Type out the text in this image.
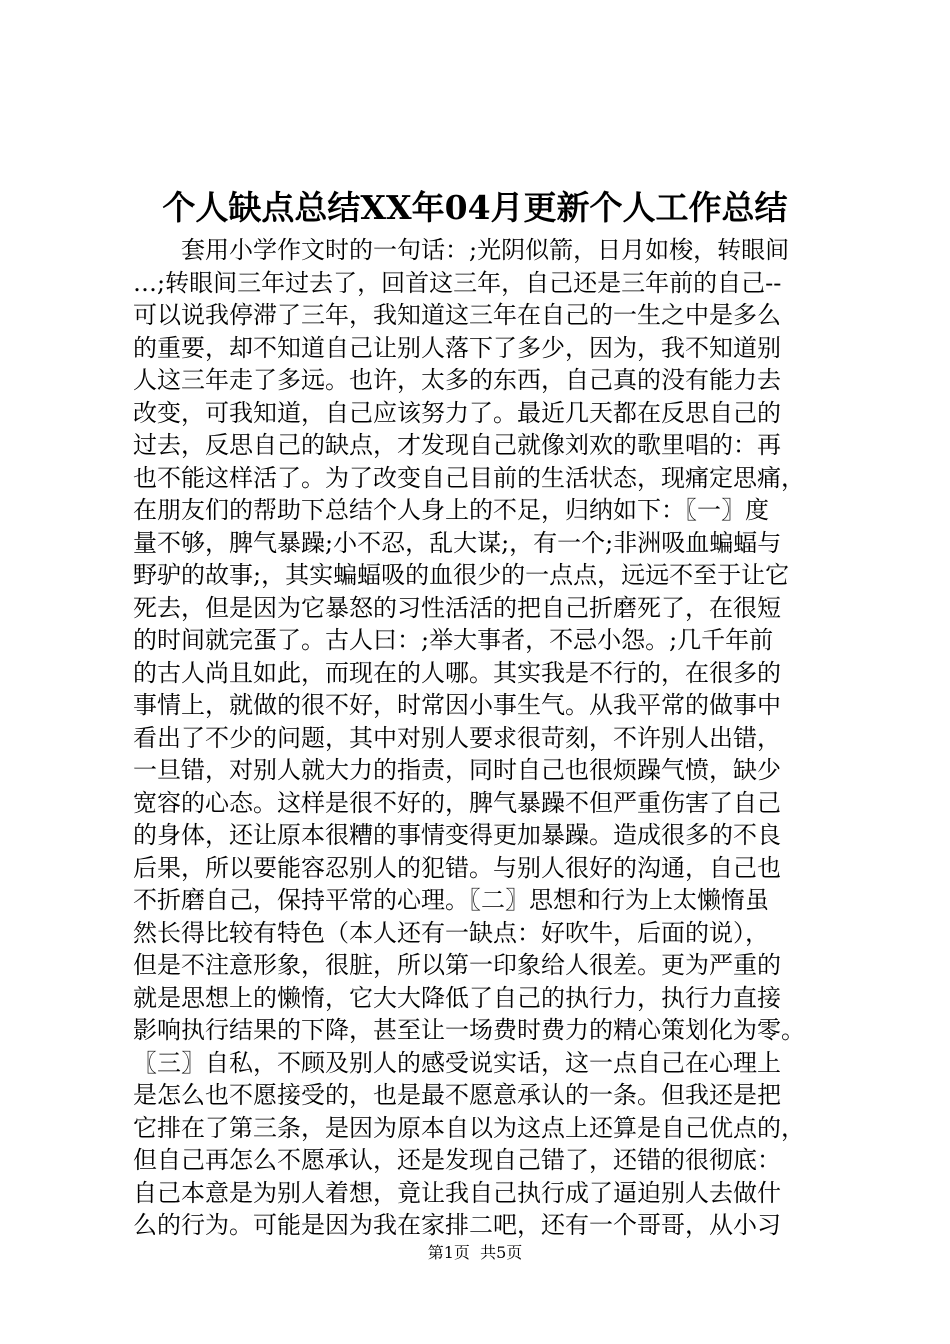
个人缺点总结XX年04月更新个人工作总结
　　套用小学作文时的一句话：;光阴似箭，日月如梭，转眼间
…;转眼间三年过去了，回首这三年，自己还是三年前的自己--
可以说我停滞了三年，我知道这三年在自己的一生之中是多么
的重要，却不知道自己让别人落下了多少，因为，我不知道别
人这三年走了多远。也许，太多的东西，自己真的没有能力去
改变，可我知道，自己应该努力了。最近几天都在反思自己的
过去，反思自己的缺点，才发现自己就像刘欢的歌里唱的：再
也不能这样活了。为了改变自己目前的生活状态，现痛定思痛，
在朋友们的帮助下总结个人身上的不足，归纳如下：〖一〗度
量不够，脾气暴躁;小不忍，乱大谋;，有一个;非洲吸血蝙蝠与
野驴的故事;，其实蝙蝠吸的血很少的一点点，远远不至于让它
死去，但是因为它暴怒的习性活活的把自己折磨死了，在很短
的时间就完蛋了。古人曰：;举大事者，不忌小怨。;几千年前
的古人尚且如此，而现在的人哪。其实我是不行的，在很多的
事情上，就做的很不好，时常因小事生气。从我平常的做事中
看出了不少的问题，其中对别人要求很苛刻，不许别人出错，
一旦错，对别人就大力的指责，同时自己也很烦躁气愤，缺少
宽容的心态。这样是很不好的，脾气暴躁不但严重伤害了自己
的身体，还让原本很糟的事情变得更加暴躁。造成很多的不良
后果，所以要能容忍别人的犯错。与别人很好的沟通，自己也
不折磨自己，保持平常的心理。〖二〗思想和行为上太懒惰虽
然长得比较有特色（本人还有一缺点：好吹牛，后面的说），
但是不注意形象，很脏，所以第一印象给人很差。更为严重的
就是思想上的懒惰，它大大降低了自己的执行力，执行力直接
影响执行结果的下降，甚至让一场费时费力的精心策划化为零。
〖三〗自私，不顾及别人的感受说实话，这一点自己在心理上
是怎么也不愿接受的，也是最不愿意承认的一条。但我还是把
它排在了第三条，是因为原本自以为这点上还算是自己优点的，
但自己再怎么不愿承认，还是发现自己错了，还错的很彻底：
自己本意是为别人着想，竟让我自己执行成了逼迫别人去做什
么的行为。可能是因为我在家排二吧，还有一个哥哥，从小习
第1页 共5页
